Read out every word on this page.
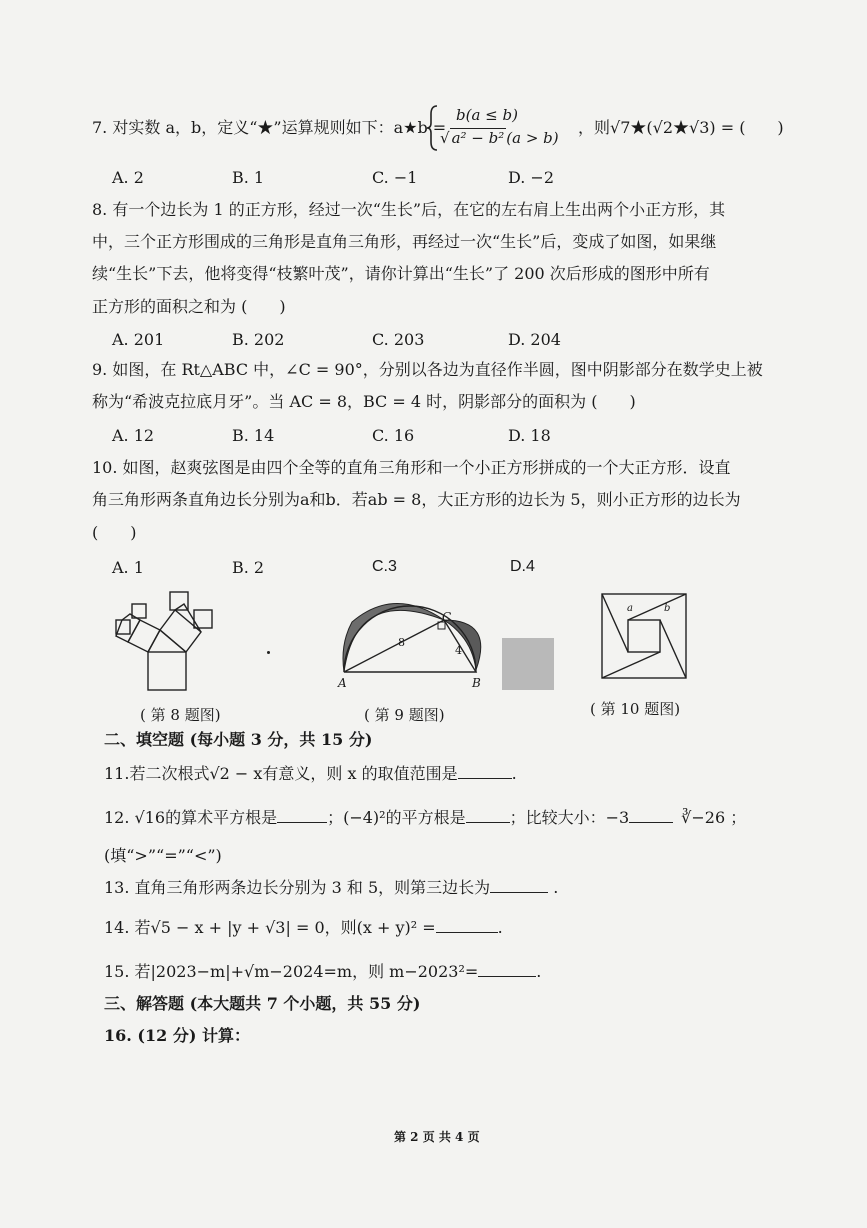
7. 对实数 a，b，定义“★”运算规则如下：a★b =
b(a ≤ b)
√ a² − b² (a > b)
，则√7★(√2★√3) = (　　)
A. 2	B. 1	C. −1	D. −2
8. 有一个边长为 1 的正方形，经过一次“生长”后，在它的左右肩上生出两个小正方形，其
中，三个正方形围成的三角形是直角三角形，再经过一次“生长”后，变成了如图，如果继
续“生长”下去，他将变得“枝繁叶茂”，请你计算出“生长”了 200 次后形成的图形中所有
正方形的面积之和为 (　　)
A. 201	B. 202	C. 203	D. 204
9. 如图，在 Rt△ABC 中，∠C = 90°，分别以各边为直径作半圆，图中阴影部分在数学史上被
称为“希波克拉底月牙”。当 AC = 8，BC = 4 时，阴影部分的面积为 (　　)
A. 12	B. 14	C. 16	D. 18
10. 如图，赵爽弦图是由四个全等的直角三角形和一个小正方形拼成的一个大正方形．设直
角三角形两条直角边长分别为a和b．若ab = 8，大正方形的边长为 5，则小正方形的边长为
(　　)
A. 1	B. 2	C.3	D.4
A	B
C
8
4
a	b
( 第 8 题图)	( 第 9 题图)	( 第 10 题图)
二、填空题 (每小题 3 分，共 15 分)
11.若二次根式√2 − x有意义，则 x 的取值范围是	.
12. √16的算术平方根是	；(−4)²的平方根是	；比较大小：−3	∛−26 ；
(填“>”“=”“<”)
13. 直角三角形两条边长分别为 3 和 5，则第三边长为	.
14. 若√5 − x + |y + √3| = 0，则(x + y)² =	.
15. 若|2023−m|+√m−2024=m，则 m−2023²=	.
三、解答题 (本大题共 7 个小题，共 55 分)
16. (12 分) 计算：
第 2 页 共 4 页
